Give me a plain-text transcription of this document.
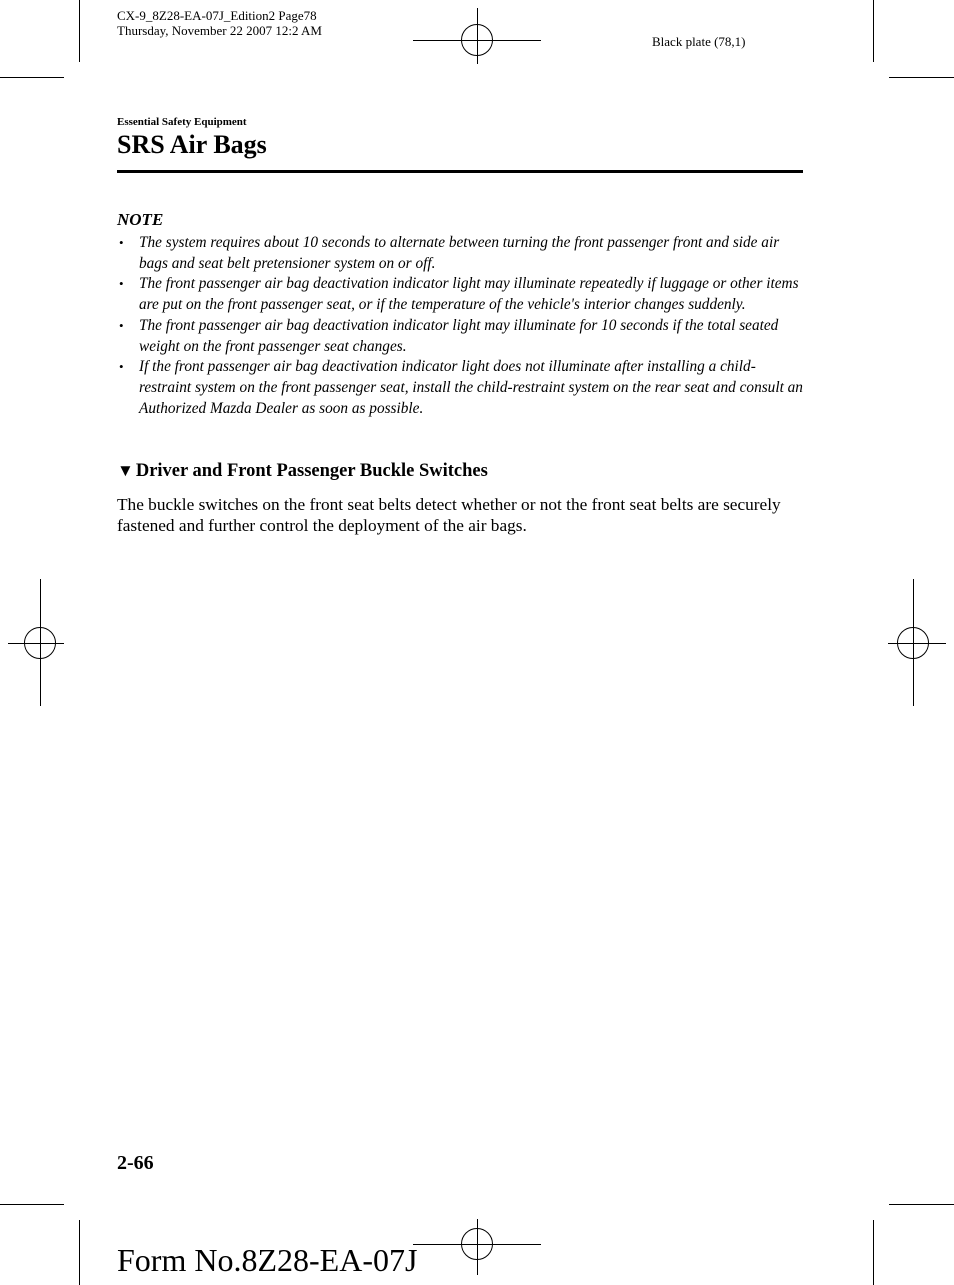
CX-9_8Z28-EA-07J_Edition2 Page78
Thursday, November 22 2007 12:2 AM
Black plate (78,1)
Essential Safety Equipment
SRS Air Bags
NOTE
• The system requires about 10 seconds to alternate between turning the front passenger front and side air bags and seat belt pretensioner system on or off.
• The front passenger air bag deactivation indicator light may illuminate repeatedly if luggage or other items are put on the front passenger seat, or if the temperature of the vehicle's interior changes suddenly.
• The front passenger air bag deactivation indicator light may illuminate for 10 seconds if the total seated weight on the front passenger seat changes.
• If the front passenger air bag deactivation indicator light does not illuminate after installing a child-restraint system on the front passenger seat, install the child-restraint system on the rear seat and consult an Authorized Mazda Dealer as soon as possible.
▼ Driver and Front Passenger Buckle Switches
The buckle switches on the front seat belts detect whether or not the front seat belts are securely fastened and further control the deployment of the air bags.
2-66
Form No.8Z28-EA-07J
